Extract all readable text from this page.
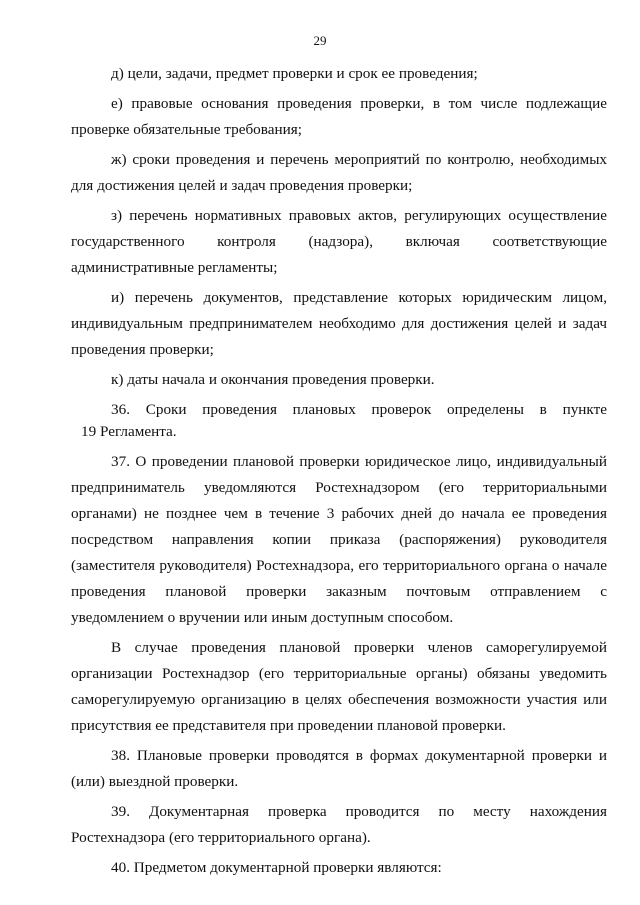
29

д) цели, задачи, предмет проверки и срок ее проведения;

е) правовые основания проведения проверки, в том числе подлежащие проверке обязательные требования;

ж) сроки проведения и перечень мероприятий по контролю, необходимых для достижения целей и задач проведения проверки;

з) перечень нормативных правовых актов, регулирующих осуществление государственного контроля (надзора), включая соответствующие административные регламенты;

и) перечень документов, представление которых юридическим лицом, индивидуальным предпринимателем необходимо для достижения целей и задач проведения проверки;

к) даты начала и окончания проведения проверки.

36. Сроки проведения плановых проверок определены в пункте

19 Регламента.

37. О проведении плановой проверки юридическое лицо, индивидуальный предприниматель уведомляются Ростехнадзором (его территориальными органами) не позднее чем в течение 3 рабочих дней до начала ее проведения посредством направления копии приказа (распоряжения) руководителя (заместителя руководителя) Ростехнадзора, его территориального органа о начале проведения плановой проверки заказным почтовым отправлением с уведомлением о вручении или иным доступным способом.

В случае проведения плановой проверки членов саморегулируемой организации Ростехнадзор (его территориальные органы) обязаны уведомить саморегулируемую организацию в целях обеспечения возможности участия или присутствия ее представителя при проведении плановой проверки.

38. Плановые проверки проводятся в формах документарной проверки и (или) выездной проверки.

39. Документарная проверка проводится по месту нахождения Ростехнадзора (его территориального органа).

40. Предметом документарной проверки являются:
